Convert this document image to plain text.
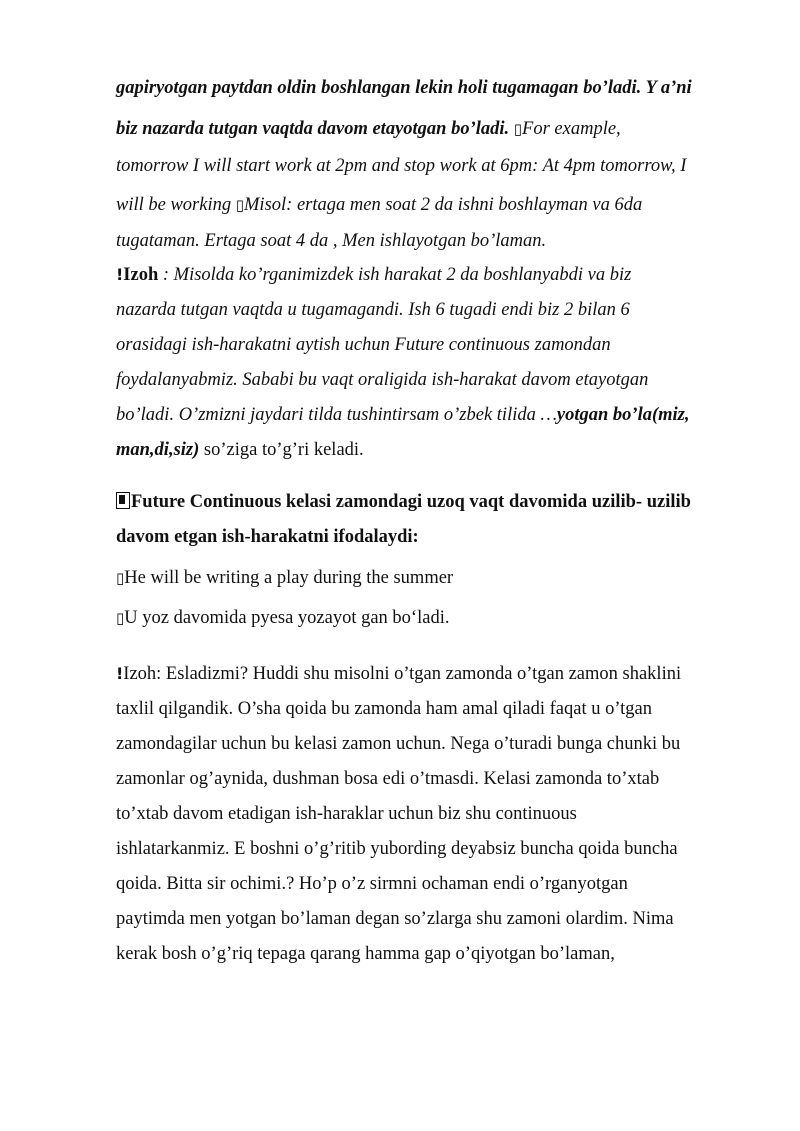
gapiryotgan paytdan oldin boshlangan lekin holi tugamagan bo’ladi. Y a’ni
biz nazarda tutgan vaqtda davom etayotgan bo’ladi. ▯For example,
tomorrow I will start work at 2pm and stop work at 6pm: At 4pm tomorrow, I
will be working ▯Misol: ertaga men soat 2 da ishni boshlayman va 6da
tugataman. Ertaga soat 4 da , Men ishlayotgan bo’laman.
!Izoh : Misolda ko’rganimizdek ish harakat 2 da boshlanyabdi va biz
nazarda tutgan vaqtda u tugamagandi. Ish 6 tugadi endi biz 2 bilan 6
orasidagi ish-harakatni aytish uchun Future continuous zamondan
foydalanyabmiz. Sababi bu vaqt oraligida ish-harakat davom etayotgan
bo’ladi. O’zmizni jaydari tilda tushintirsam o’zbek tilida …yotgan bo’la(miz,
man,di,siz) so’ziga to’g’ri keladi.
Future Continuous kelasi zamondagi uzoq vaqt davomida uzilib- uzilib
davom etgan ish-harakatni ifodalaydi:
▯He will be writing a play during the summer
▯U yoz davomida pyesa yozayot gan bo‘ladi.
!Izoh: Esladizmi? Huddi shu misolni o’tgan zamonda o’tgan zamon shaklini
taxlil qilgandik. O’sha qoida bu zamonda ham amal qiladi faqat u o’tgan
zamondagilar uchun bu kelasi zamon uchun. Nega o’turadi bunga chunki bu
zamonlar og’aynida, dushman bosa edi o’tmasdi. Kelasi zamonda to’xtab
to’xtab davom etadigan ish-haraklar uchun biz shu continuous
ishlatarkanmiz. E boshni o’g’ritib yubording deyabsiz buncha qoida buncha
qoida. Bitta sir ochimi.? Ho’p o’z sirmni ochaman endi o’rganyotgan
paytimda men yotgan bo’laman degan so’zlarga shu zamoni olardim. Nima
kerak bosh o’g’riq tepaga qarang hamma gap o’qiyotgan bo’laman,
